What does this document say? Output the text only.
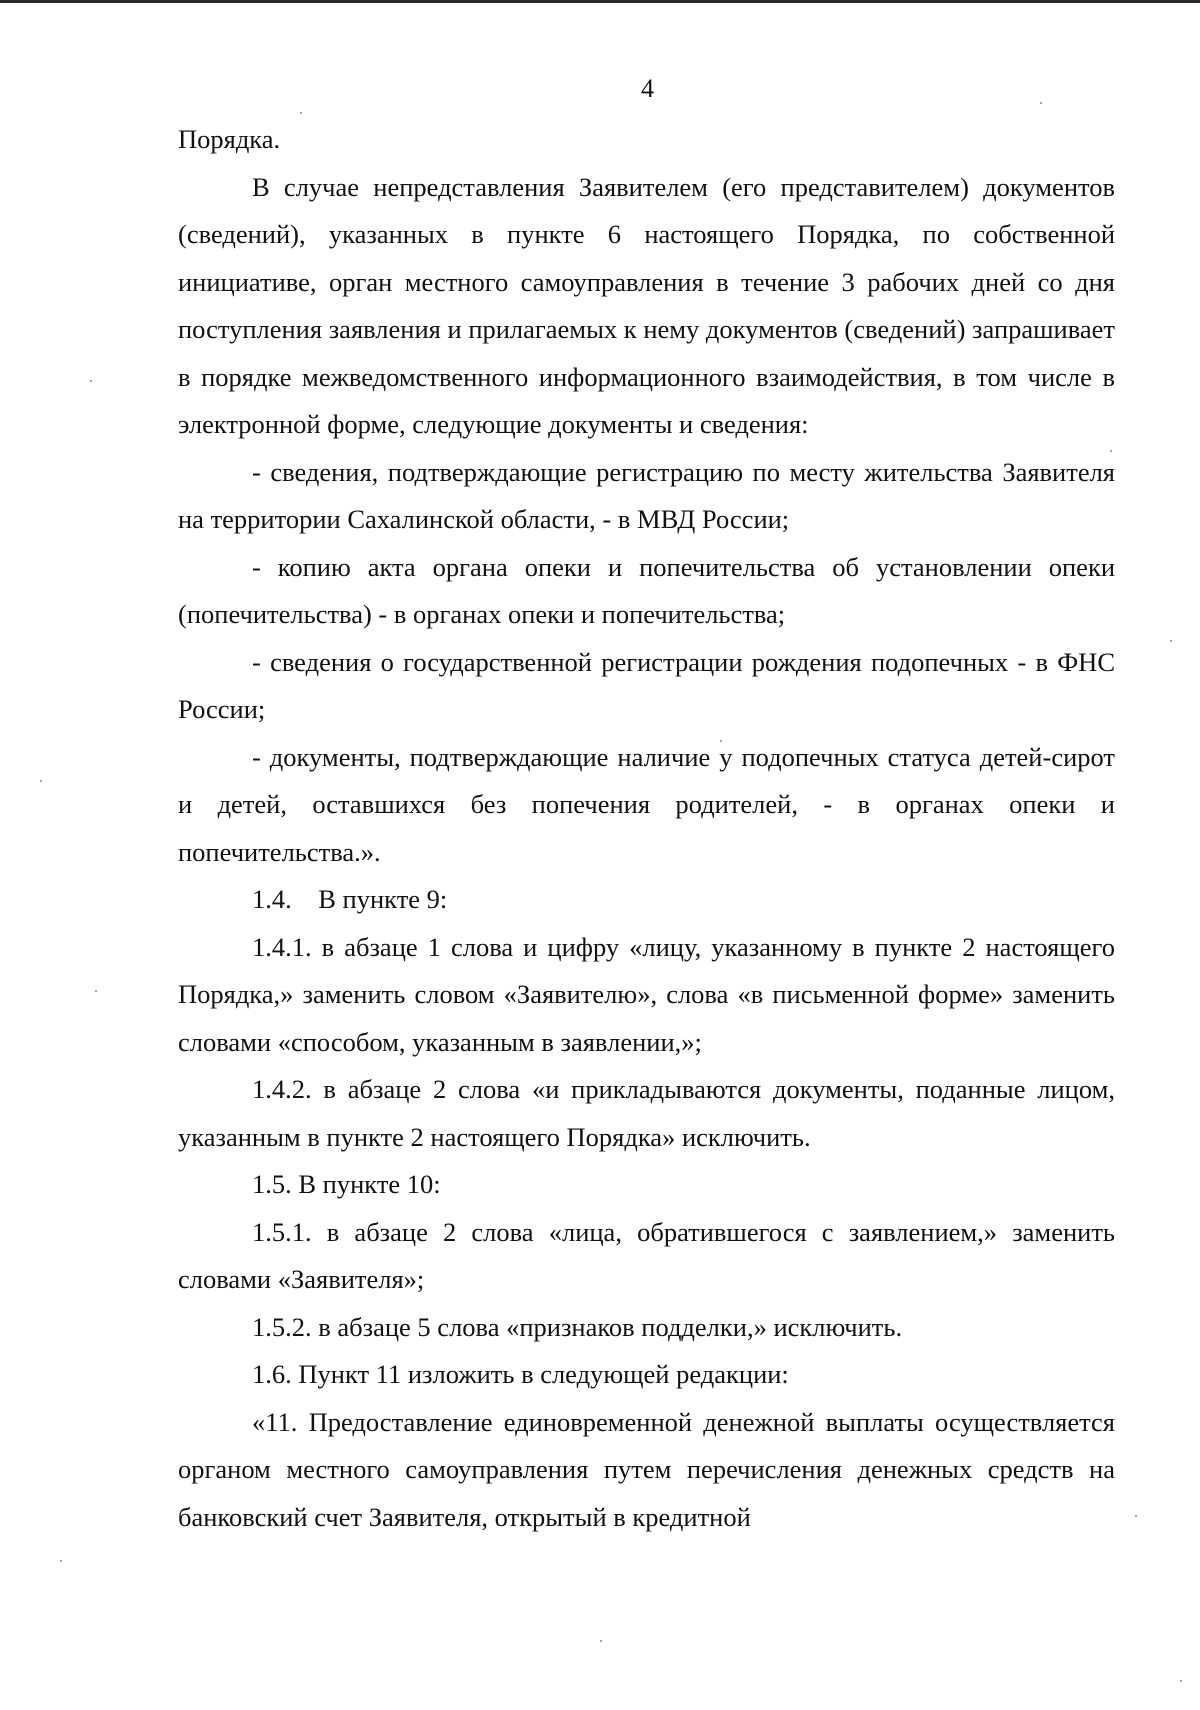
4

Порядка.

В случае непредставления Заявителем (его представителем) документов (сведений), указанных в пункте 6 настоящего Порядка, по собственной инициативе, орган местного самоуправления в течение 3 рабочих дней со дня поступления заявления и прилагаемых к нему документов (сведений) запрашивает в порядке межведомственного информационного взаимодействия, в том числе в электронной форме, следующие документы и сведения:

- сведения, подтверждающие регистрацию по месту жительства Заявителя на территории Сахалинской области, - в МВД России;

- копию акта органа опеки и попечительства об установлении опеки (попечительства) - в органах опеки и попечительства;

- сведения о государственной регистрации рождения подопечных - в ФНС России;

- документы, подтверждающие наличие у подопечных статуса детей-сирот и детей, оставшихся без попечения родителей, - в органах опеки и попечительства.».

1.4.    В пункте 9:

1.4.1. в абзаце 1 слова и цифру «лицу, указанному в пункте 2 настоящего Порядка,» заменить словом «Заявителю», слова «в письменной форме» заменить словами «способом, указанным в заявлении,»;

1.4.2. в абзаце 2 слова «и прикладываются документы, поданные лицом, указанным в пункте 2 настоящего Порядка» исключить.

1.5. В пункте 10:

1.5.1. в абзаце 2 слова «лица, обратившегося с заявлением,» заменить словами «Заявителя»;

1.5.2. в абзаце 5 слова «признаков подделки,» исключить.

1.6. Пункт 11 изложить в следующей редакции:

«11. Предоставление единовременной денежной выплаты осуществляется органом местного самоуправления путем перечисления денежных средств на банковский счет Заявителя, открытый в кредитной
